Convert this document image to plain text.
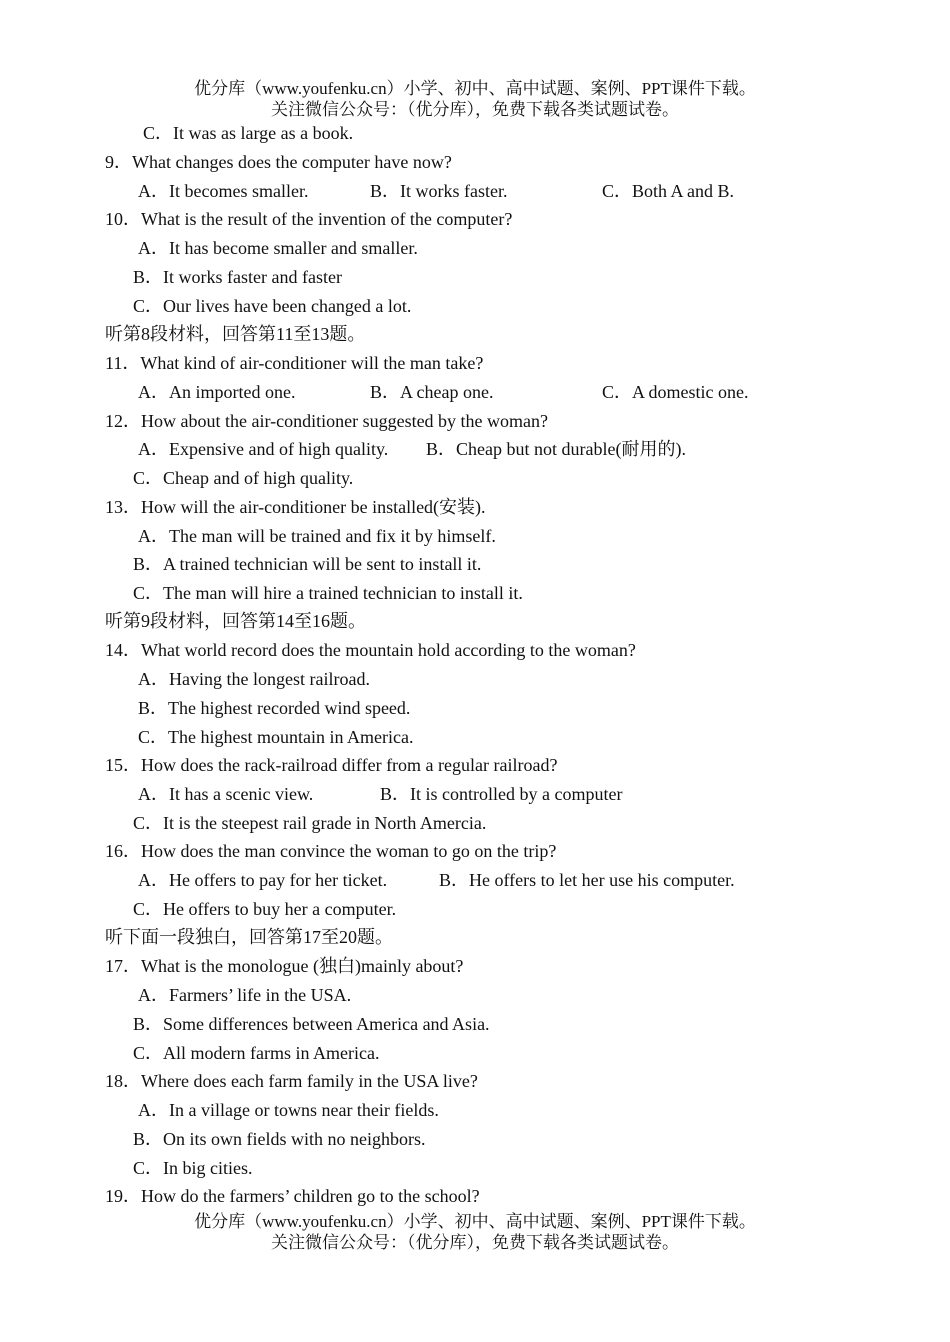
优分库（www.youfenku.cn）小学、初中、高中试题、案例、PPT课件下载。
关注微信公众号：（优分库），免费下载各类试题试卷。
C．It was as large as a book.
9．What changes does the computer have now?
A．It becomes smaller.	B．It works faster.	C．Both A and B.
10．What is the result of the invention of the computer?
A．It has become smaller and smaller.
B．It works faster and faster
C．Our lives have been changed a lot.
听第8段材料，回答第11至13题。
11．What kind of air-conditioner will the man take?
A．An imported one.	B．A cheap one.	C．A domestic one.
12．How about the air-conditioner suggested by the woman?
A．Expensive and of high quality. B．Cheap but not durable(耐用的).
C．Cheap and of high quality.
13．How will the air-conditioner be installed(安装).
A．The man will be trained and fix it by himself.
B．A trained technician will be sent to install it.
C．The man will hire a trained technician to install it.
听第9段材料，回答第14至16题。
14．What world record does the mountain hold according to the woman?
A．Having the longest railroad.
B．The highest recorded wind speed.
C．The highest mountain in America.
15．How does the rack-railroad differ from a regular railroad?
A．It has a scenic view.	B．It is controlled by a computer
C．It is the steepest rail grade in North Amercia.
16．How does the man convince the woman to go on the trip?
A．He offers to pay for her ticket.	B．He offers to let her use his computer.
C．He offers to buy her a computer.
听下面一段独白，回答第17至20题。
17．What is the monologue (独白)mainly about?
A．Farmers’ life in the USA.
B．Some differences between America and Asia.
C．All modern farms in America.
18．Where does each farm family in the USA live?
A．In a village or towns near their fields.
B．On its own fields with no neighbors.
C．In big cities.
19．How do the farmers’ children go to the school?
优分库（www.youfenku.cn）小学、初中、高中试题、案例、PPT课件下载。
关注微信公众号：（优分库），免费下载各类试题试卷。
